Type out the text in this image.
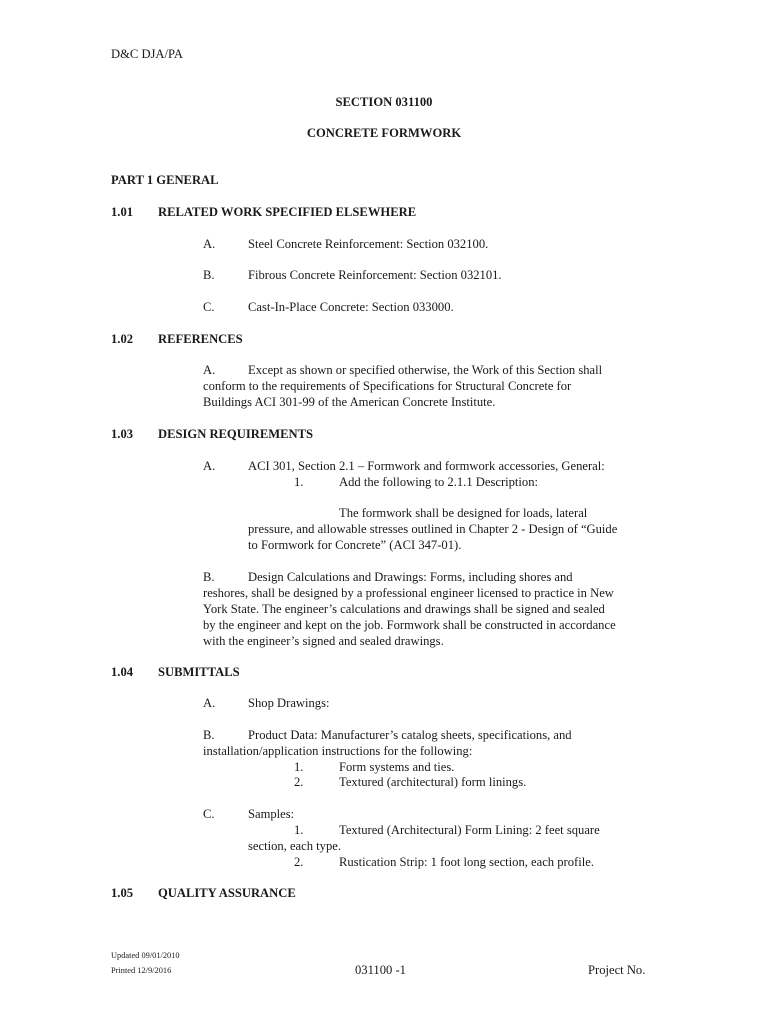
D&C DJA/PA
SECTION 031100
CONCRETE FORMWORK
PART 1 GENERAL
1.01 RELATED WORK SPECIFIED ELSEWHERE
A.	Steel Concrete Reinforcement: Section 032100.
B.	Fibrous Concrete Reinforcement: Section 032101.
C.	Cast-In-Place Concrete: Section 033000.
1.02 REFERENCES
A.	Except as shown or specified otherwise, the Work of this Section shall
conform to the requirements of Specifications for Structural Concrete for
Buildings ACI 301-99 of the American Concrete Institute.
1.03 DESIGN REQUIREMENTS
A.	ACI 301, Section 2.1 – Formwork and formwork accessories, General:
1.	Add the following to 2.1.1 Description:
The formwork shall be designed for loads, lateral
pressure, and allowable stresses outlined in Chapter 2 - Design of “Guide
to Formwork for Concrete” (ACI 347-01).
B.	Design Calculations and Drawings: Forms, including shores and
reshores, shall be designed by a professional engineer licensed to practice in New
York State. The engineer’s calculations and drawings shall be signed and sealed
by the engineer and kept on the job. Formwork shall be constructed in accordance
with the engineer’s signed and sealed drawings.
1.04 SUBMITTALS
A.	Shop Drawings:
B.	Product Data: Manufacturer’s catalog sheets, specifications, and
installation/application instructions for the following:
1.	Form systems and ties.
2.	Textured (architectural) form linings.
C.	Samples:
1.	Textured (Architectural) Form Lining: 2 feet square
section, each type.
2.	Rustication Strip: 1 foot long section, each profile.
1.05 QUALITY ASSURANCE
Updated 09/01/2010
Printed 12/9/2016	031100 -1	Project No.
